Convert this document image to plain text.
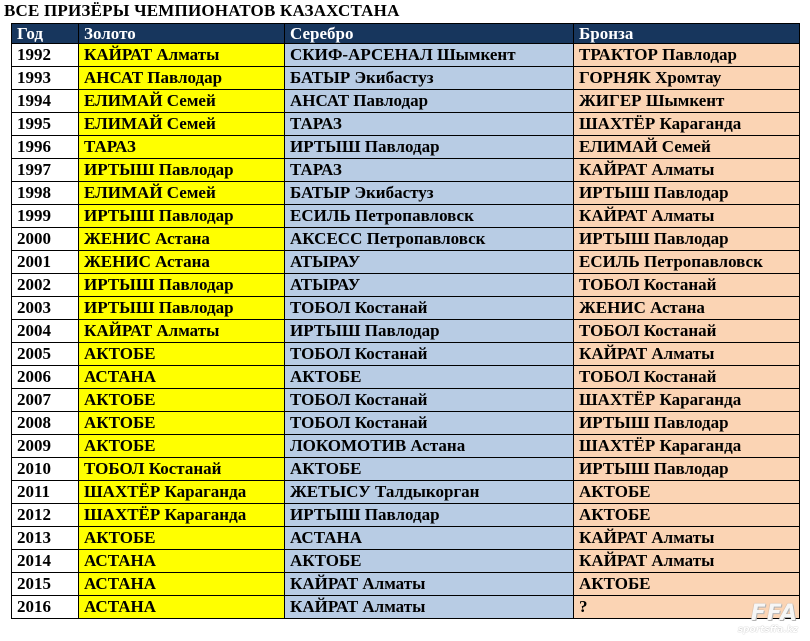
ВСЕ ПРИЗЁРЫ ЧЕМПИОНАТОВ КАЗАХСТАНА
Год	Золото	Серебро	Бронза
1992	КАЙРАТ Алматы	СКИФ-АРСЕНАЛ Шымкент	ТРАКТОР Павлодар
1993	АНСАТ Павлодар	БАТЫР Экибастуз	ГОРНЯК Хромтау
1994	ЕЛИМАЙ Семей	АНСАТ Павлодар	ЖИГЕР Шымкент
1995	ЕЛИМАЙ Семей	ТАРАЗ	ШАХТЁР Караганда
1996	ТАРАЗ	ИРТЫШ Павлодар	ЕЛИМАЙ Семей
1997	ИРТЫШ Павлодар	ТАРАЗ	КАЙРАТ Алматы
1998	ЕЛИМАЙ Семей	БАТЫР Экибастуз	ИРТЫШ Павлодар
1999	ИРТЫШ Павлодар	ЕСИЛЬ Петропавловск	КАЙРАТ Алматы
2000	ЖЕНИС Астана	АКСЕСС Петропавловск	ИРТЫШ Павлодар
2001	ЖЕНИС Астана	АТЫРАУ	ЕСИЛЬ Петропавловск
2002	ИРТЫШ Павлодар	АТЫРАУ	ТОБОЛ Костанай
2003	ИРТЫШ Павлодар	ТОБОЛ Костанай	ЖЕНИС Астана
2004	КАЙРАТ Алматы	ИРТЫШ Павлодар	ТОБОЛ Костанай
2005	АКТОБЕ	ТОБОЛ Костанай	КАЙРАТ Алматы
2006	АСТАНА	АКТОБЕ	ТОБОЛ Костанай
2007	АКТОБЕ	ТОБОЛ Костанай	ШАХТЁР Караганда
2008	АКТОБЕ	ТОБОЛ Костанай	ИРТЫШ Павлодар
2009	АКТОБЕ	ЛОКОМОТИВ Астана	ШАХТЁР Караганда
2010	ТОБОЛ Костанай	АКТОБЕ	ИРТЫШ Павлодар
2011	ШАХТЁР Караганда	ЖЕТЫСУ Талдыкорган	АКТОБЕ
2012	ШАХТЁР Караганда	ИРТЫШ Павлодар	АКТОБЕ
2013	АКТОБЕ	АСТАНА	КАЙРАТ Алматы
2014	АСТАНА	АКТОБЕ	КАЙРАТ Алматы
2015	АСТАНА	КАЙРАТ Алматы	АКТОБЕ
2016	АСТАНА	КАЙРАТ Алматы	?	FFA
sportsffa.kz
